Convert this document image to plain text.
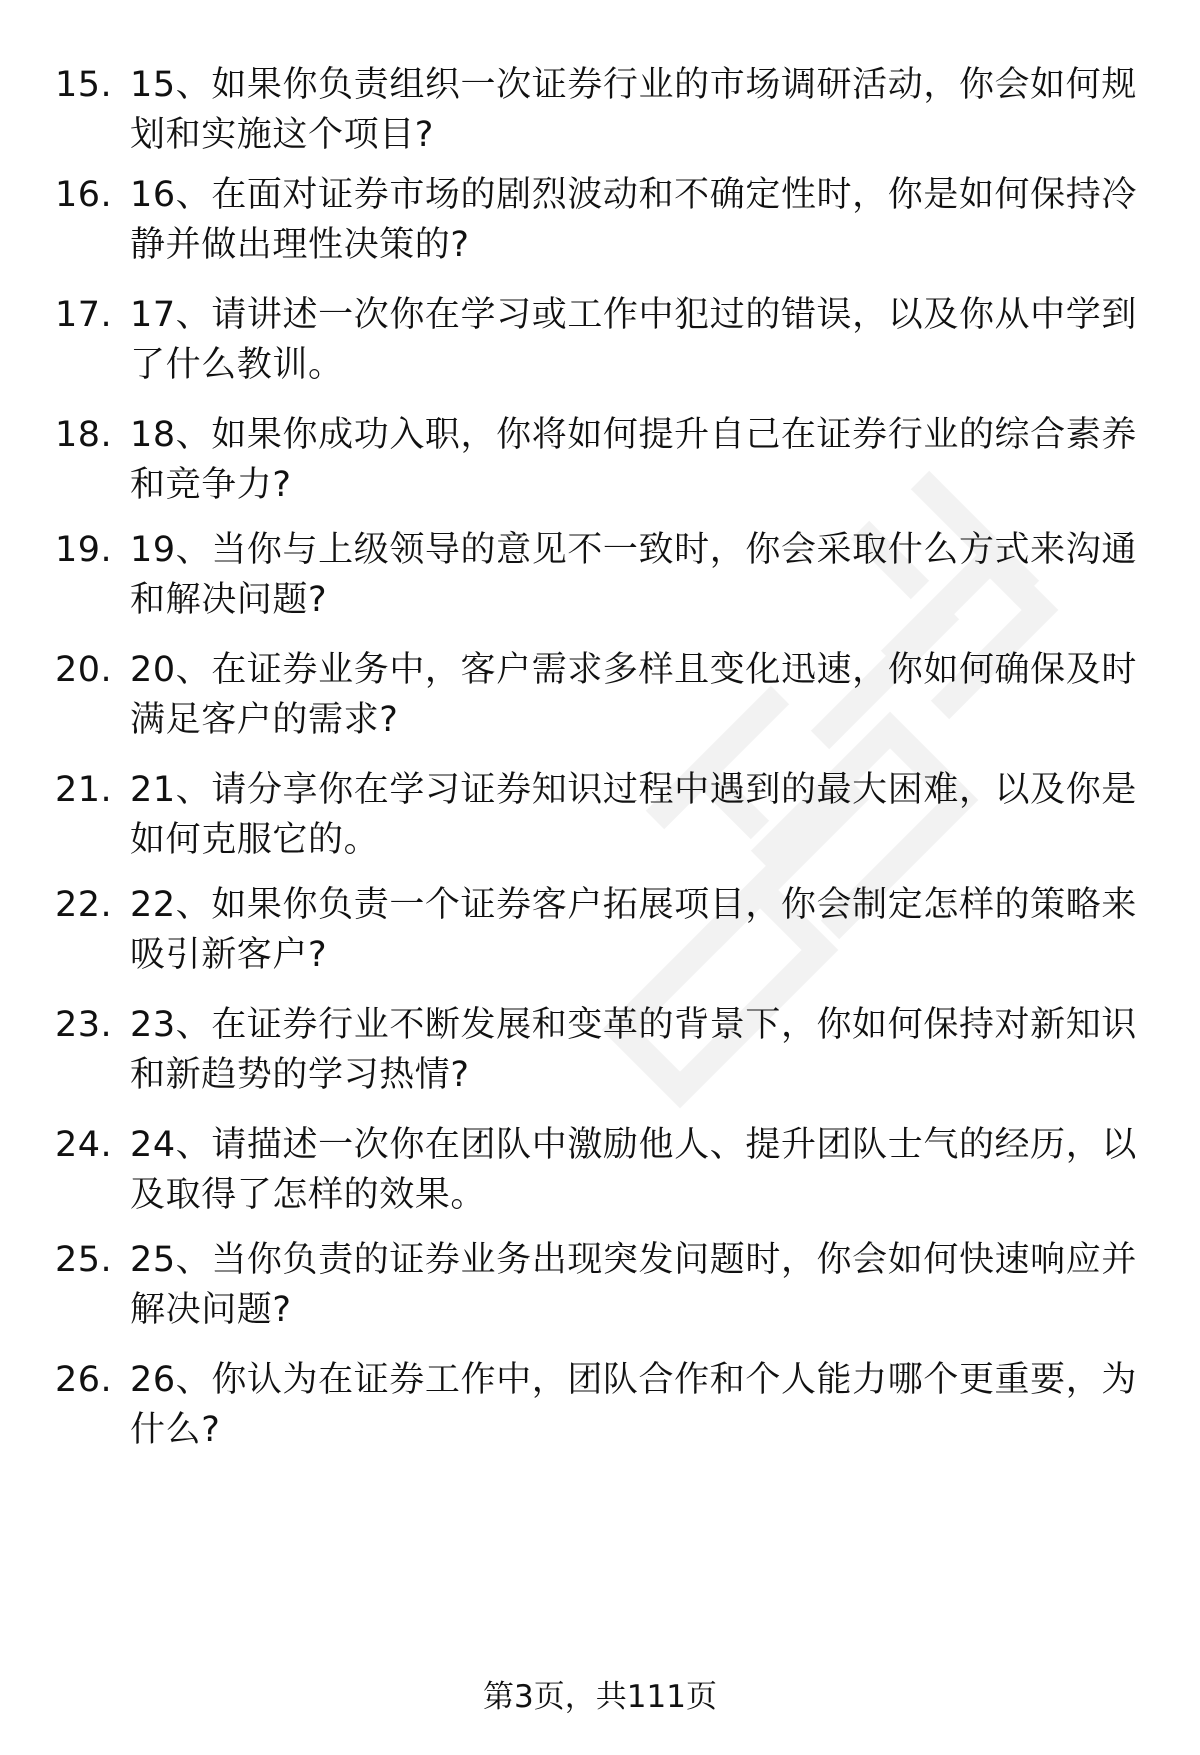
15. 15、如果你负责组织一次证券行业的市场调研活动，你会如何规划和实施这个项目?
16. 16、在面对证券市场的剧烈波动和不确定性时，你是如何保持冷静并做出理性决策的?
17. 17、请讲述一次你在学习或工作中犯过的错误，以及你从中学到了什么教训。
18. 18、如果你成功入职，你将如何提升自己在证券行业的综合素养和竞争力?
19. 19、当你与上级领导的意见不一致时，你会采取什么方式来沟通和解决问题?
20. 20、在证券业务中，客户需求多样且变化迅速，你如何确保及时满足客户的需求?
21. 21、请分享你在学习证券知识过程中遇到的最大困难，以及你是如何克服它的。
22. 22、如果你负责一个证券客户拓展项目，你会制定怎样的策略来吸引新客户?
23. 23、在证券行业不断发展和变革的背景下，你如何保持对新知识和新趋势的学习热情?
24. 24、请描述一次你在团队中激励他人、提升团队士气的经历，以及取得了怎样的效果。
25. 25、当你负责的证券业务出现突发问题时，你会如何快速响应并解决问题?
26. 26、你认为在证券工作中，团队合作和个人能力哪个更重要，为什么?
第3页，共111页
